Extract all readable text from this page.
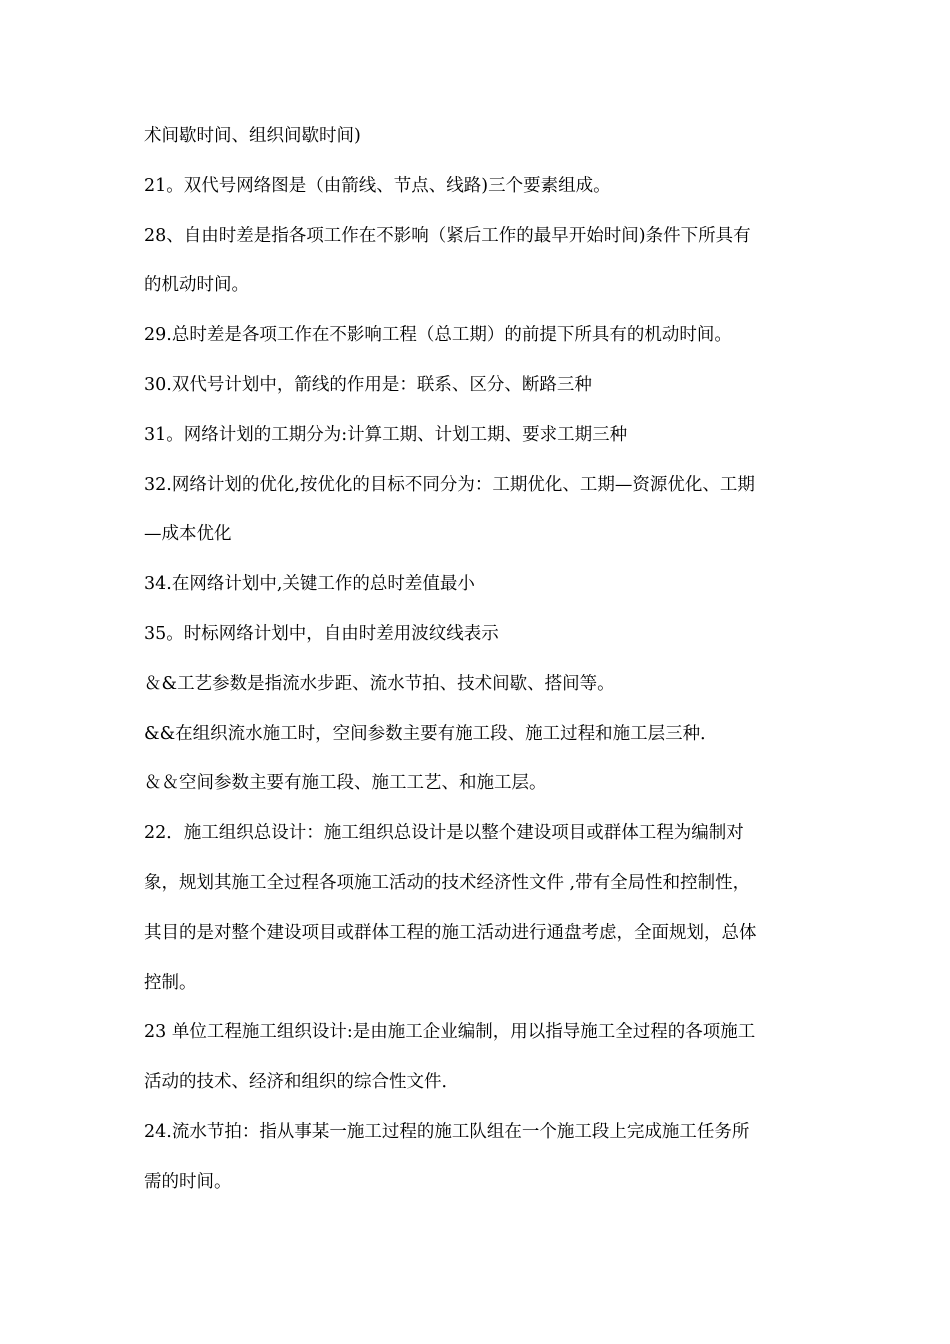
术间歇时间、组织间歇时间)
21。双代号网络图是（由箭线、节点、线路)三个要素组成。
28、自由时差是指各项工作在不影响（紧后工作的最早开始时间)条件下所具有
的机动时间。
29.总时差是各项工作在不影响工程（总工期）的前提下所具有的机动时间。
30.双代号计划中，箭线的作用是：联系、区分、断路三种
31。网络计划的工期分为:计算工期、计划工期、要求工期三种
32.网络计划的优化,按优化的目标不同分为：工期优化、工期—资源优化、工期
—成本优化
34.在网络计划中,关键工作的总时差值最小
35。时标网络计划中，自由时差用波纹线表示
＆&工艺参数是指流水步距、流水节拍、技术间歇、搭间等。
&&在组织流水施工时，空间参数主要有施工段、施工过程和施工层三种．
＆＆空间参数主要有施工段、施工工艺、和施工层。
22．施工组织总设计：施工组织总设计是以整个建设项目或群体工程为编制对
象，规划其施工全过程各项施工活动的技术经济性文件 ,带有全局性和控制性，
其目的是对整个建设项目或群体工程的施工活动进行通盘考虑，全面规划，总体
控制。
23 单位工程施工组织设计:是由施工企业编制，用以指导施工全过程的各项施工
活动的技术、经济和组织的综合性文件．
24.流水节拍：指从事某一施工过程的施工队组在一个施工段上完成施工任务所
需的时间。
